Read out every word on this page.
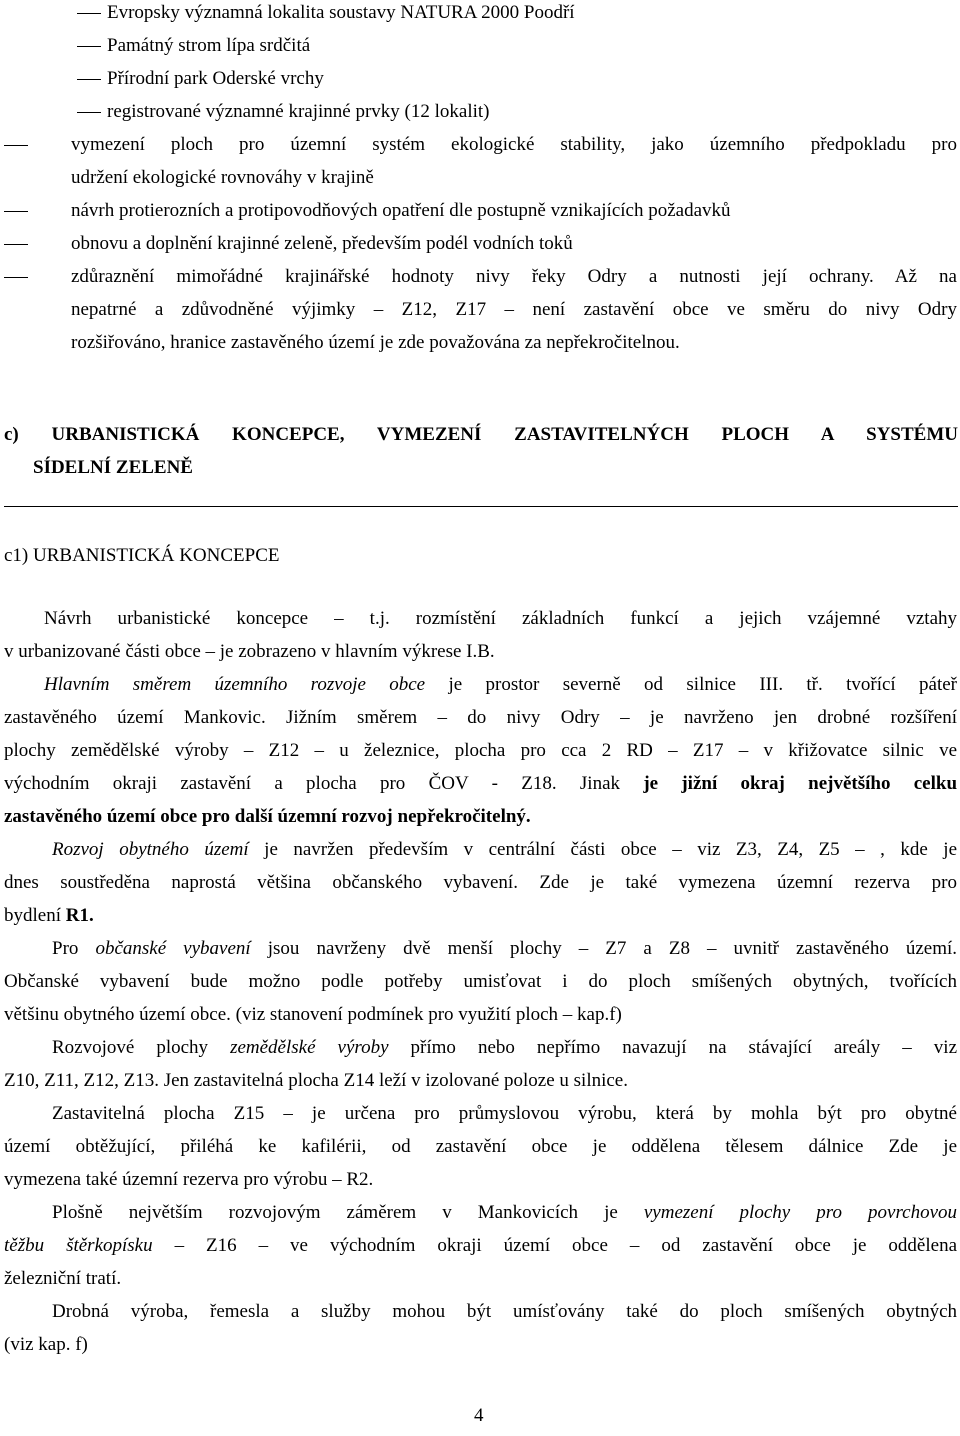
Evropsky významná lokalita soustavy NATURA 2000 Poodří
Památný strom lípa srdčitá
Přírodní park Oderské vrchy
registrované významné krajinné prvky (12 lokalit)
vymezení ploch pro územní systém ekologické stability, jako územního předpokladu pro
udržení ekologické rovnováhy v krajině
návrh protierozních a protipovodňových opatření dle postupně vznikajících požadavků
obnovu a doplnění krajinné zeleně, především podél vodních toků
zdůraznění mimořádné krajinářské hodnoty nivy řeky Odry a nutnosti její ochrany. Až na
nepatrné a zdůvodněné výjimky – Z12, Z17 – není zastavění obce ve směru do nivy Odry
rozšiřováno, hranice zastavěného území je zde považována za nepřekročitelnou.
c) URBANISTICKÁ KONCEPCE, VYMEZENÍ ZASTAVITELNÝCH PLOCH A SYSTÉMU
SÍDELNÍ ZELENĚ
c1) URBANISTICKÁ KONCEPCE
Návrh urbanistické koncepce – t.j. rozmístění základních funkcí a jejich vzájemné vztahy
v urbanizované části obce – je zobrazeno v hlavním výkrese I.B.
Hlavním směrem územního rozvoje obce je prostor severně od silnice III. tř. tvořící páteř
zastavěného území Mankovic. Jižním směrem – do nivy Odry – je navrženo jen drobné rozšíření
plochy zemědělské výroby – Z12 – u železnice, plocha pro cca 2 RD – Z17 – v křižovatce silnic ve
východním okraji zastavění a plocha pro ČOV - Z18. Jinak je jižní okraj největšího celku
zastavěného území obce pro další územní rozvoj nepřekročitelný.
Rozvoj obytného území je navržen především v centrální části obce – viz Z3, Z4, Z5 – , kde je
dnes soustředěna naprostá většina občanského vybavení. Zde je také vymezena územní rezerva pro
bydlení R1.
Pro občanské vybavení jsou navrženy dvě menší plochy – Z7 a Z8 – uvnitř zastavěného území.
Občanské vybavení bude možno podle potřeby umisťovat i do ploch smíšených obytných, tvořících
většinu obytného území obce. (viz stanovení podmínek pro využití ploch – kap.f)
Rozvojové plochy zemědělské výroby přímo nebo nepřímo navazují na stávající areály – viz
Z10, Z11, Z12, Z13. Jen zastavitelná plocha Z14 leží v izolované poloze u silnice.
Zastavitelná plocha Z15 – je určena pro průmyslovou výrobu, která by mohla být pro obytné
území obtěžující, přiléhá ke kafilérii, od zastavění obce je oddělena tělesem dálnice Zde je
vymezena také územní rezerva pro výrobu – R2.
Plošně největším rozvojovým záměrem v Mankovicích je vymezení plochy pro povrchovou
těžbu štěrkopísku – Z16 – ve východním okraji území obce – od zastavění obce je oddělena
železniční tratí.
Drobná výroba, řemesla a služby mohou být umísťovány také do ploch smíšených obytných
(viz kap. f)
4
